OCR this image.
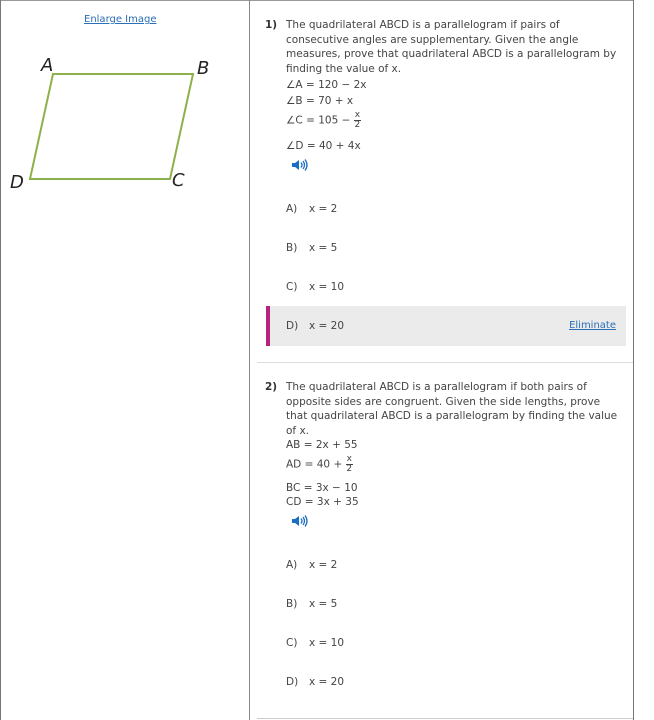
Enlarge Image
A	B
C
D
1) The quadrilateral ABCD is a parallelogram if pairs of consecutive angles are supplementary. Given the angle measures, prove that quadrilateral ABCD is a parallelogram by finding the value of x.
∠A = 120 − 2x
∠B = 70 + x
∠C = $105 - \frac{x}{2}$
∠D = 40 + 4x
A) x = 2
B) x = 5
C) x = 10
D) x = 20	Eliminate
2) The quadrilateral ABCD is a parallelogram if both pairs of opposite sides are congruent. Given the side lengths, prove that quadrilateral ABCD is a parallelogram by finding the value of x.
AB = 2x + 55
AD = $40 + \frac{x}{2}$
BC = 3x − 10
CD = 3x + 35
A) x = 2
B) x = 5
C) x = 10
D) x = 20
